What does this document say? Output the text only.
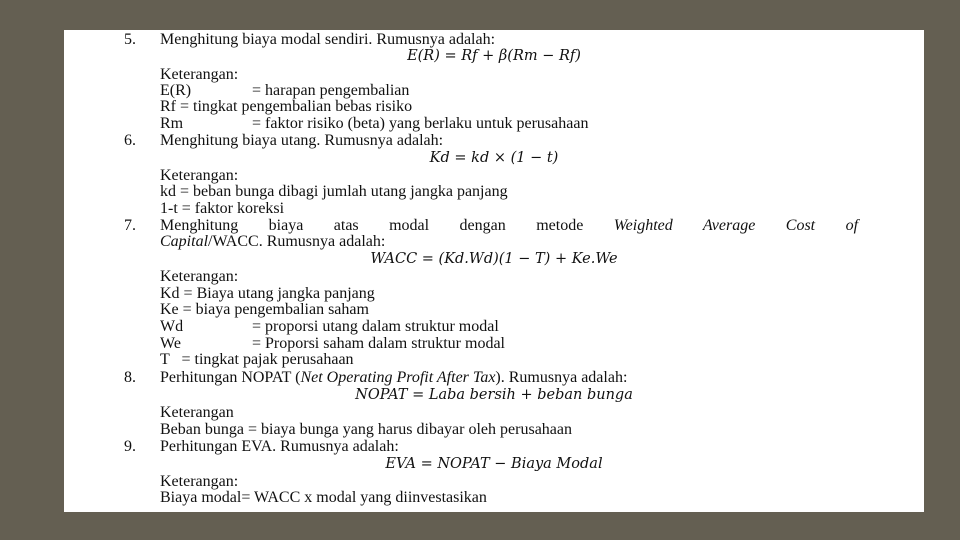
5. Menghitung biaya modal sendiri. Rumusnya adalah:
E(R) = Rf + β(Rm − Rf)
Keterangan:
E(R)	= harapan pengembalian
Rf = tingkat pengembalian bebas risiko
Rm	= faktor risiko (beta) yang berlaku untuk perusahaan
6. Menghitung biaya utang. Rumusnya adalah:
Kd = kd × (1 − t)
Keterangan:
kd = beban bunga dibagi jumlah utang jangka panjang
1-t = faktor koreksi
7. Menghitung biaya atas modal dengan metode Weighted Average Cost of
Capital/WACC. Rumusnya adalah:
WACC = (Kd.Wd)(1 − T) + Ke.We
Keterangan:
Kd = Biaya utang jangka panjang
Ke = biaya pengembalian saham
Wd	= proporsi utang dalam struktur modal
We	= Proporsi saham dalam struktur modal
T   = tingkat pajak perusahaan
8. Perhitungan NOPAT (Net Operating Profit After Tax). Rumusnya adalah:
NOPAT = Laba bersih + beban bunga
Keterangan
Beban bunga = biaya bunga yang harus dibayar oleh perusahaan
9. Perhitungan EVA. Rumusnya adalah:
EVA = NOPAT − Biaya Modal
Keterangan:
Biaya modal= WACC x modal yang diinvestasikan
